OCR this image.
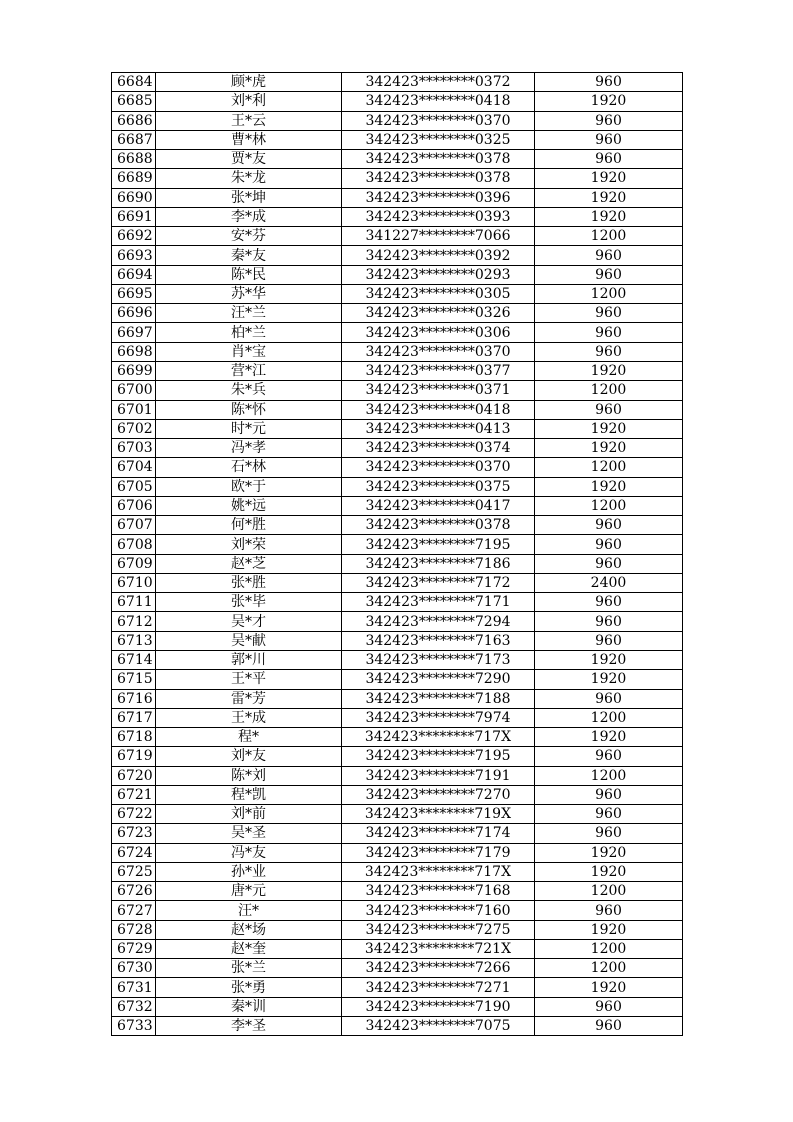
6684	顾*虎	342423********0372	960
6685	刘*利	342423********0418	1920
6686	王*云	342423********0370	960
6687	曹*林	342423********0325	960
6688	贾*友	342423********0378	960
6689	朱*龙	342423********0378	1920
6690	张*坤	342423********0396	1920
6691	李*成	342423********0393	1920
6692	安*芬	341227********7066	1200
6693	秦*友	342423********0392	960
6694	陈*民	342423********0293	960
6695	苏*华	342423********0305	1200
6696	汪*兰	342423********0326	960
6697	柏*兰	342423********0306	960
6698	肖*宝	342423********0370	960
6699	营*江	342423********0377	1920
6700	朱*兵	342423********0371	1200
6701	陈*怀	342423********0418	960
6702	时*元	342423********0413	1920
6703	冯*孝	342423********0374	1920
6704	石*林	342423********0370	1200
6705	欧*于	342423********0375	1920
6706	姚*远	342423********0417	1200
6707	何*胜	342423********0378	960
6708	刘*荣	342423********7195	960
6709	赵*芝	342423********7186	960
6710	张*胜	342423********7172	2400
6711	张*毕	342423********7171	960
6712	吴*才	342423********7294	960
6713	吴*献	342423********7163	960
6714	郭*川	342423********7173	1920
6715	王*平	342423********7290	1920
6716	雷*芳	342423********7188	960
6717	王*成	342423********7974	1200
6718	程*	342423********717X	1920
6719	刘*友	342423********7195	960
6720	陈*刘	342423********7191	1200
6721	程*凯	342423********7270	960
6722	刘*前	342423********719X	960
6723	吴*圣	342423********7174	960
6724	冯*友	342423********7179	1920
6725	孙*业	342423********717X	1920
6726	唐*元	342423********7168	1200
6727	汪*	342423********7160	960
6728	赵*场	342423********7275	1920
6729	赵*奎	342423********721X	1200
6730	张*兰	342423********7266	1200
6731	张*勇	342423********7271	1920
6732	秦*训	342423********7190	960
6733	李*圣	342423********7075	960
